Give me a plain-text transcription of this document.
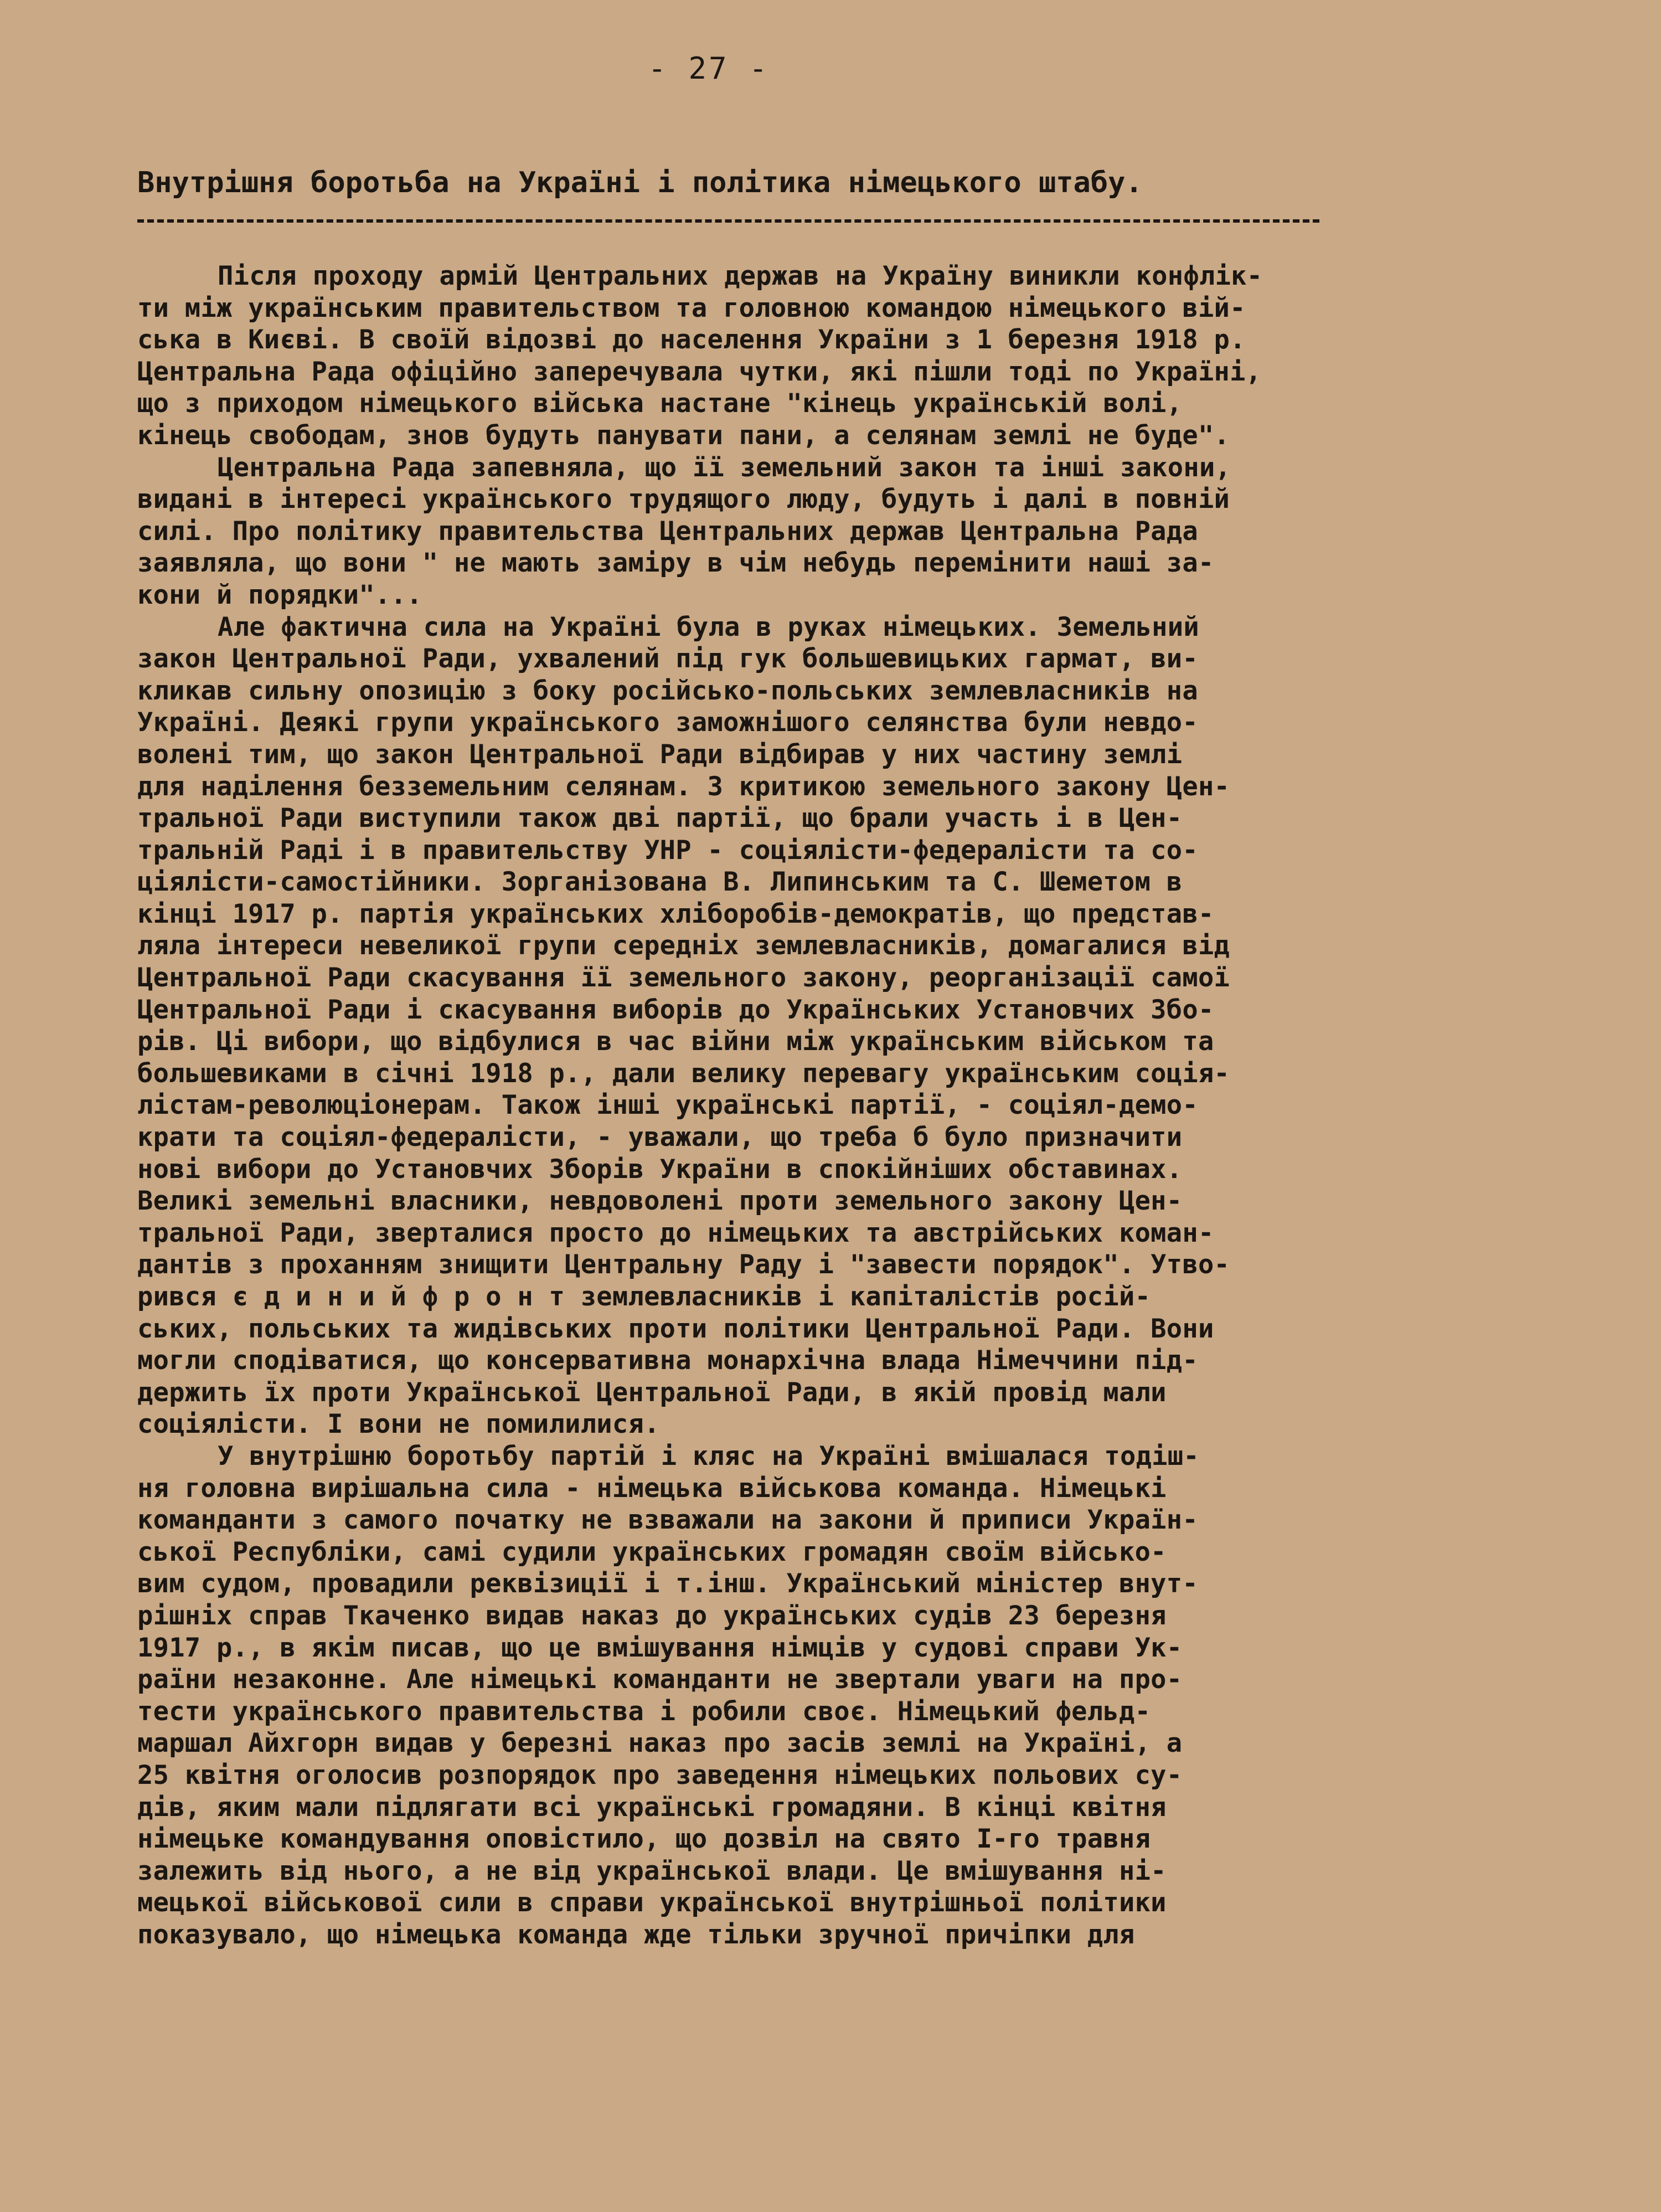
- 27 -
Внутрішня боротьба на Україні і політика німецького штабу.
Після проходу армій Центральних держав на Україну виникли конфлік-
ти між українським правительством та головною командою німецького вій-
ська в Києві. В своїй відозві до населення України з 1 березня 1918 р.
Центральна Рада офіційно заперечувала чутки, які пішли тоді по Україні,
що з приходом німецького війська настане "кінець українській волі,
кінець свободам, знов будуть панувати пани, а селянам землі не буде".
Центральна Рада запевняла, що її земельний закон та інші закони,
видані в інтересі українського трудящого люду, будуть і далі в повній
силі. Про політику правительства Центральних держав Центральна Рада
заявляла, що вони " не мають заміру в чім небудь перемінити наші за-
кони й порядки"...
Але фактична сила на Україні була в руках німецьких. Земельний
закон Центральної Ради, ухвалений під гук большевицьких гармат, ви-
кликав сильну опозицію з боку російсько-польських землевласників на
Україні. Деякі групи українського заможнішого селянства були невдо-
волені тим, що закон Центральної Ради відбирав у них частину землі
для наділення безземельним селянам. З критикою земельного закону Цен-
тральної Ради виступили також дві партії, що брали участь і в Цен-
тральній Раді і в правительству УНР - соціялісти-федералісти та со-
ціялісти-самостійники. Зорганізована В. Липинським та С. Шеметом в
кінці 1917 р. партія українських хліборобів-демократів, що представ-
ляла інтереси невеликої групи середніх землевласників, домагалися від
Центральної Ради скасування її земельного закону, реорганізації самої
Центральної Ради і скасування виборів до Українських Установчих Збо-
рів. Ці вибори, що відбулися в час війни між українським військом та
большевиками в січні 1918 р., дали велику перевагу українським соція-
лістам-революціонерам. Також інші українські партії, - соціял-демо-
крати та соціял-федералісти, - уважали, що треба б було призначити
нові вибори до Установчих Зборів України в спокійніших обставинах.
Великі земельні власники, невдоволені проти земельного закону Цен-
тральної Ради, зверталися просто до німецьких та австрійських коман-
дантів з проханням знищити Центральну Раду і "завести порядок". Утво-
рився є д и н и й ф р о н т землевласників і капіталістів росій-
ських, польських та жидівських проти політики Центральної Ради. Вони
могли сподіватися, що консервативна монархічна влада Німеччини під-
держить їх проти Української Центральної Ради, в якій провід мали
соціялісти. І вони не помилилися.
У внутрішню боротьбу партій і кляс на Україні вмішалася тодіш-
ня головна вирішальна сила - німецька військова команда. Німецькі
команданти з самого початку не взважали на закони й приписи Україн-
ської Республіки, самі судили українських громадян своїм військо-
вим судом, провадили реквізиції і т.інш. Український міністер внут-
рішніх справ Ткаченко видав наказ до українських судів 23 березня
1917 р., в якім писав, що це вмішування німців у судові справи Ук-
раїни незаконне. Але німецькі команданти не звертали уваги на про-
тести українського правительства і робили своє. Німецький фельд-
маршал Айхгорн видав у березні наказ про засів землі на Україні, а
25 квітня оголосив розпорядок про заведення німецьких польових су-
дів, яким мали підлягати всі українські громадяни. В кінці квітня
німецьке командування оповістило, що дозвіл на свято І-го травня
залежить від нього, а не від української влади. Це вмішування ні-
мецької військової сили в справи української внутрішньої політики
показувало, що німецька команда жде тільки зручної причіпки для
